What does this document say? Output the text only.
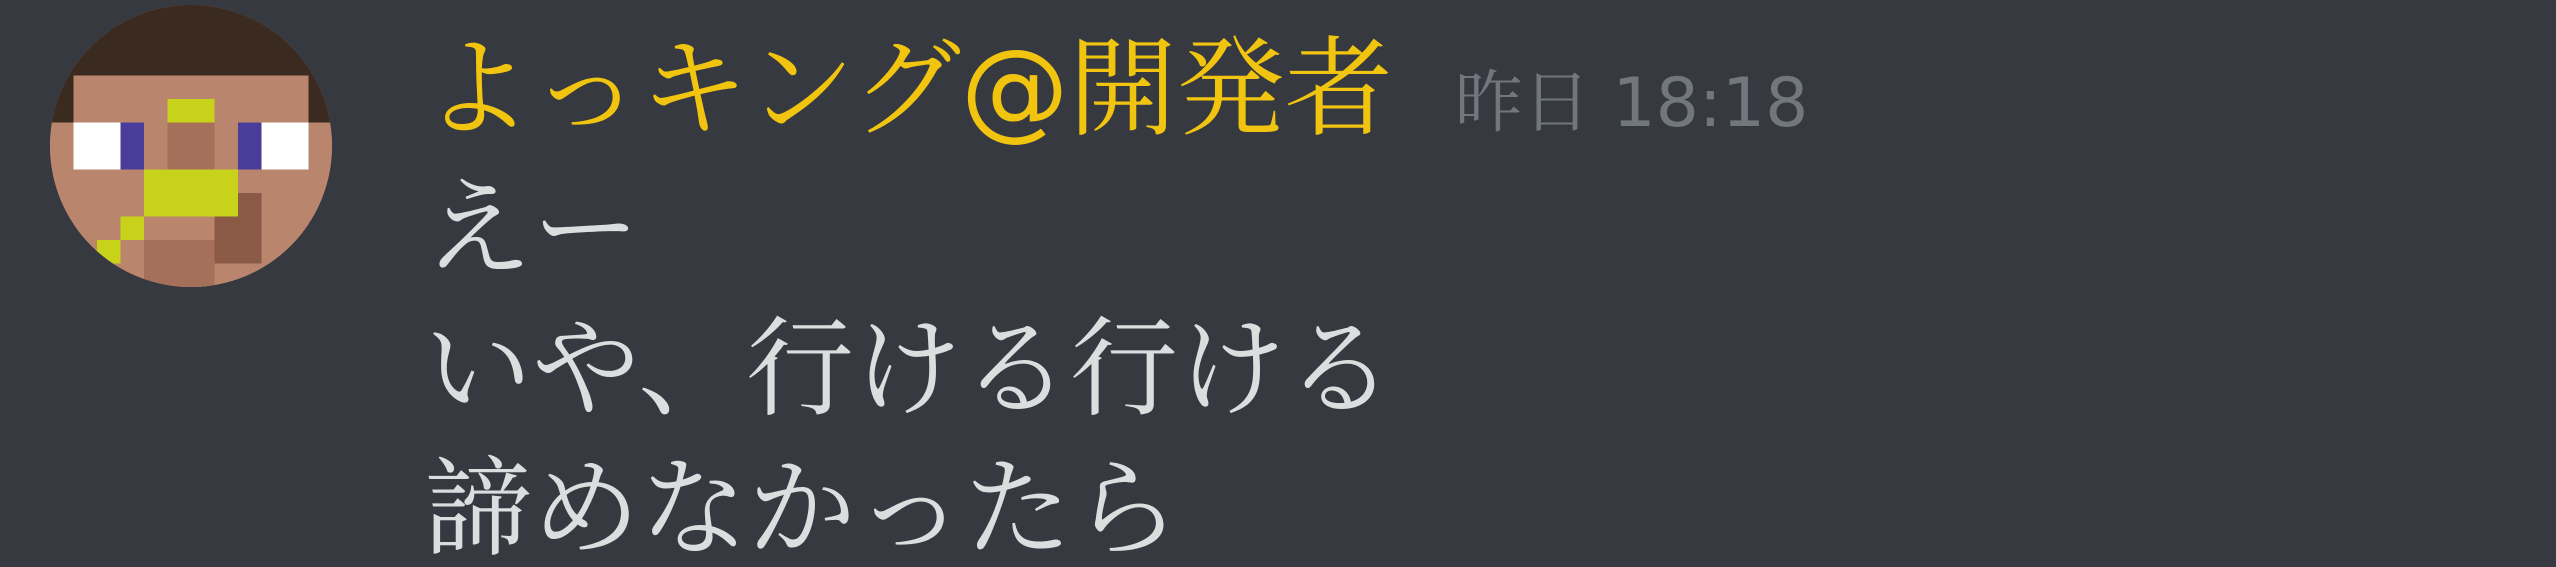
よっキング@開発者 昨日 18:18
えー
いや、行ける行ける
諦めなかったら
